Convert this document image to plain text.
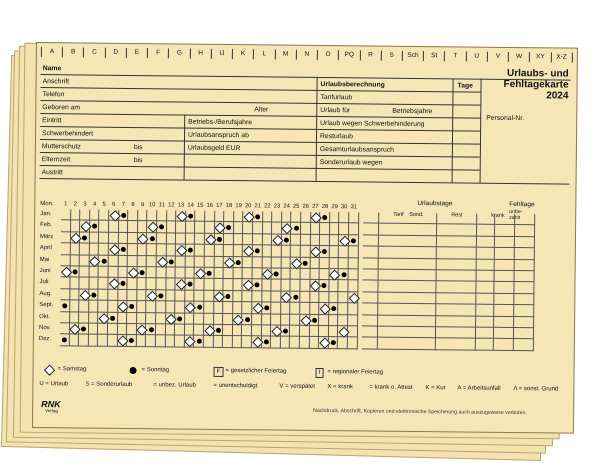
A	B	C	D	E	F	G	H	IJ	K	L	M	N	O	PQ	R	S	Sch	St	T	U	V	W	XY	X-Z
Name
Anschrift
Telefon
Geboren am	Alter
Eintritt	Betriebs-/Berufsjahre
Schwerbehindert	Urlaubsanspruch ab
Mutterschutz	bis	Urlaubsgeld EUR
Elternzeit	bis
Austritt
Urlaubsberechnung	Tage
Tarifurlaub
Urlaub für	Betriebsjahre
Urlaub wegen Schwerbehinderung
Resturlaub
Gesamturlaubsanspruch
Sonderurlaub wegen
Personal-Nr.
Urlaubs- und
Fehltagekarte
2024
Mon.	Urlaubstage	Fehltage
Tarif Sond.	Rest	krank
unbe-zahlt
1	2	3	4	5	6	7	8	9 10 11 12 13 14 15 16 17 18 19 20 21 22 23 24 25 26 27 28 29 30 31
Jan.
Feb.
März
April
Mai
Juni
Juli
Aug.
Sept.
Okt.
Nov.
Dez.
= Samstag	= Sonntag	F = gesetzlicher Feiertag	f	= regionaler Feiertag
U = Urlaub	S = Sonderurlaub	= unbez. Urlaub	= unentschuldigt	V = verspätet X = krank	= krank o. Attest K = Kur A = Arbeitsunfall Λ = sonst. Grund
RNK
Verlag	Nachdruck, Abschrift, Kopieren und elektronische Speicherung auch auszugsweise verboten.
